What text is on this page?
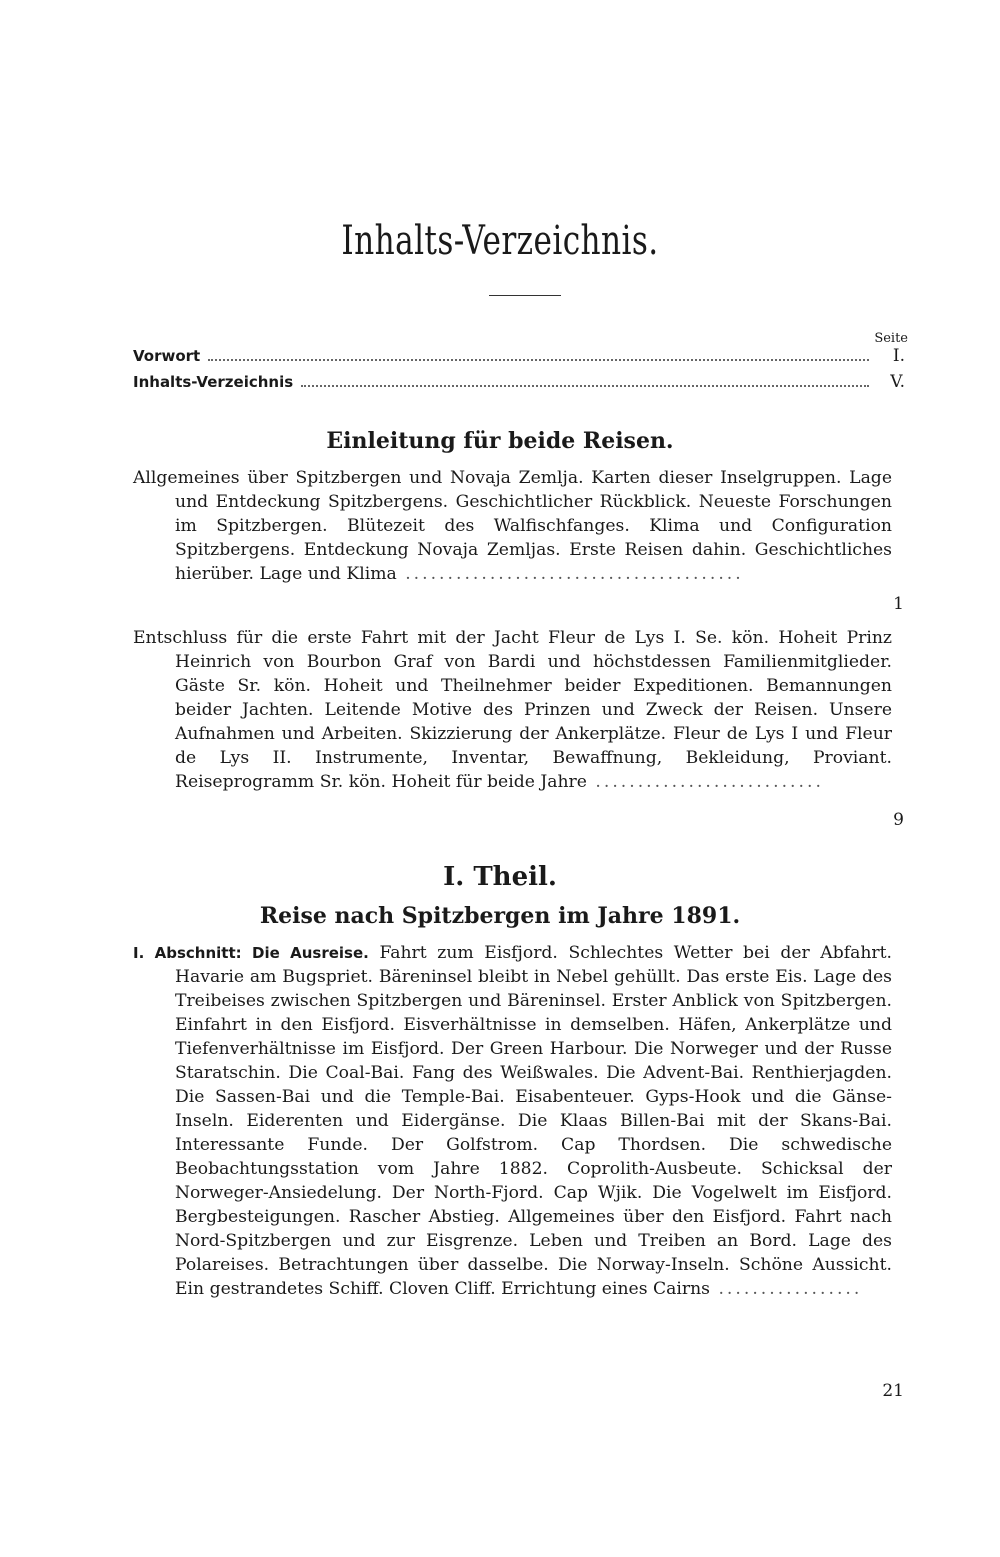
Inhalts-Verzeichnis.
Seite
Vorwort	I.
Inhalts-Verzeichnis	V.
Einleitung für beide Reisen.
Allgemeines über Spitzbergen und Novaja Zemlja. Karten dieser Inselgruppen. Lage und Entdeckung Spitzbergens. Geschichtlicher Rückblick. Neueste Forschungen im Spitzbergen. Blütezeit des Walfischfanges. Klima und Configuration Spitzbergens. Entdeckung Novaja Zemljas. Erste Reisen dahin. Geschichtliches hierüber. Lage und Klima ........................................
1
Entschluss für die erste Fahrt mit der Jacht Fleur de Lys I. Se. kön. Hoheit Prinz Heinrich von Bourbon Graf von Bardi und höchstdessen Familienmitglieder. Gäste Sr. kön. Hoheit und Theilnehmer beider Expeditionen. Bemannungen beider Jachten. Leitende Motive des Prinzen und Zweck der Reisen. Unsere Aufnahmen und Arbeiten. Skizzierung der Ankerplätze. Fleur de Lys I und Fleur de Lys II. Instrumente, Inventar, Bewaffnung, Bekleidung, Proviant. Reiseprogramm Sr. kön. Hoheit für beide Jahre ...........................
9
I. Theil.
Reise nach Spitzbergen im Jahre 1891.
I. Abschnitt: Die Ausreise. Fahrt zum Eisfjord. Schlechtes Wetter bei der Abfahrt. Havarie am Bugspriet. Bäreninsel bleibt in Nebel gehüllt. Das erste Eis. Lage des Treibeises zwischen Spitzbergen und Bäreninsel. Erster Anblick von Spitzbergen. Einfahrt in den Eisfjord. Eisverhältnisse in demselben. Häfen, Ankerplätze und Tiefenverhältnisse im Eisfjord. Der Green Harbour. Die Norweger und der Russe Staratschin. Die Coal-Bai. Fang des Weißwales. Die Advent-Bai. Renthierjagden. Die Sassen-Bai und die Temple-Bai. Eisabenteuer. Gyps-Hook und die Gänse-Inseln. Eiderenten und Eidergänse. Die Klaas Billen-Bai mit der Skans-Bai. Interessante Funde. Der Golfstrom. Cap Thordsen. Die schwedische Beobachtungsstation vom Jahre 1882. Coprolith-Ausbeute. Schicksal der Norweger-Ansiedelung. Der North-Fjord. Cap Wjik. Die Vogelwelt im Eisfjord. Bergbesteigungen. Rascher Abstieg. Allgemeines über den Eisfjord. Fahrt nach Nord-Spitzbergen und zur Eisgrenze. Leben und Treiben an Bord. Lage des Polareises. Betrachtungen über dasselbe. Die Norway-Inseln. Schöne Aussicht. Ein gestrandetes Schiff. Cloven Cliff. Errichtung eines Cairns .................
21
